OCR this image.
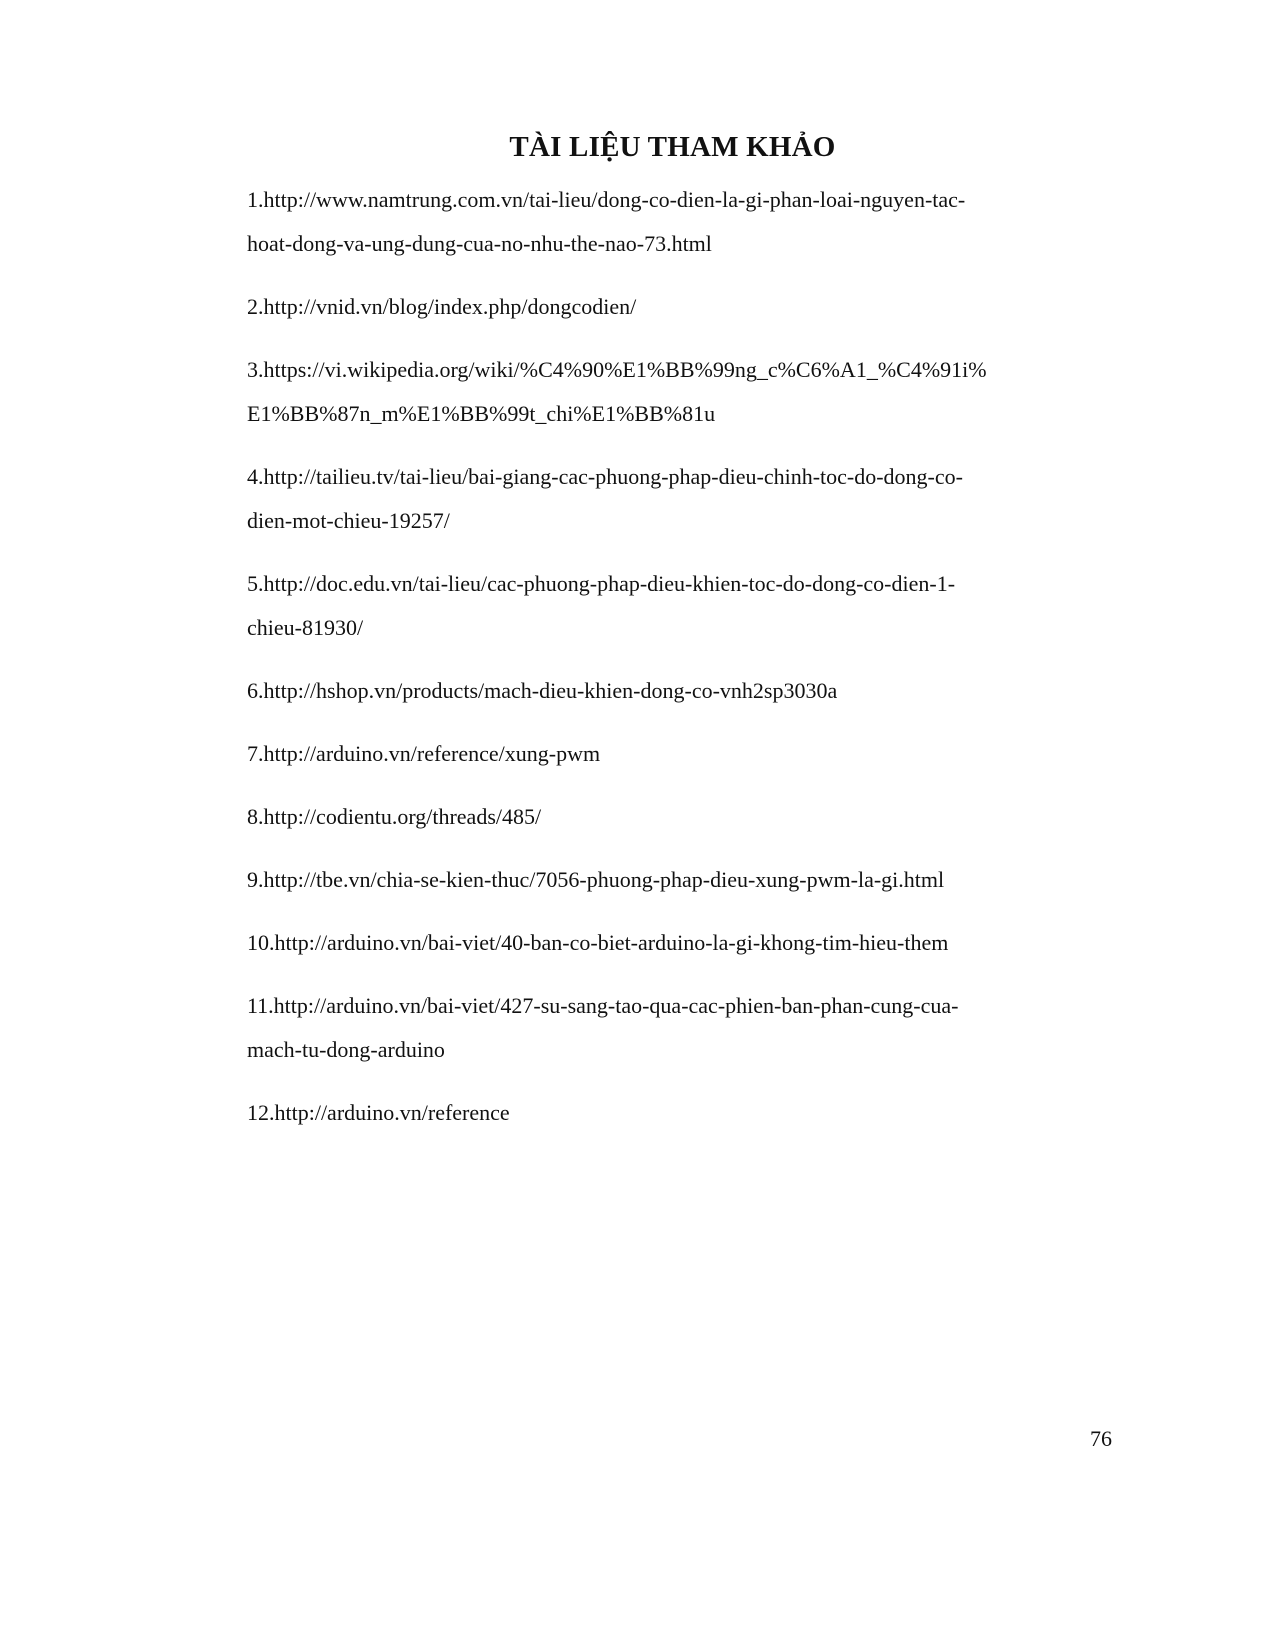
TÀI LIỆU THAM KHẢO
1.http://www.namtrung.com.vn/tai-lieu/dong-co-dien-la-gi-phan-loai-nguyen-tac-
hoat-dong-va-ung-dung-cua-no-nhu-the-nao-73.html
2.http://vnid.vn/blog/index.php/dongcodien/
3.https://vi.wikipedia.org/wiki/%C4%90%E1%BB%99ng_c%C6%A1_%C4%91i%
E1%BB%87n_m%E1%BB%99t_chi%E1%BB%81u
4.http://tailieu.tv/tai-lieu/bai-giang-cac-phuong-phap-dieu-chinh-toc-do-dong-co-
dien-mot-chieu-19257/
5.http://doc.edu.vn/tai-lieu/cac-phuong-phap-dieu-khien-toc-do-dong-co-dien-1-
chieu-81930/
6.http://hshop.vn/products/mach-dieu-khien-dong-co-vnh2sp3030a
7.http://arduino.vn/reference/xung-pwm
8.http://codientu.org/threads/485/
9.http://tbe.vn/chia-se-kien-thuc/7056-phuong-phap-dieu-xung-pwm-la-gi.html
10.http://arduino.vn/bai-viet/40-ban-co-biet-arduino-la-gi-khong-tim-hieu-them
11.http://arduino.vn/bai-viet/427-su-sang-tao-qua-cac-phien-ban-phan-cung-cua-
mach-tu-dong-arduino
12.http://arduino.vn/reference
76
